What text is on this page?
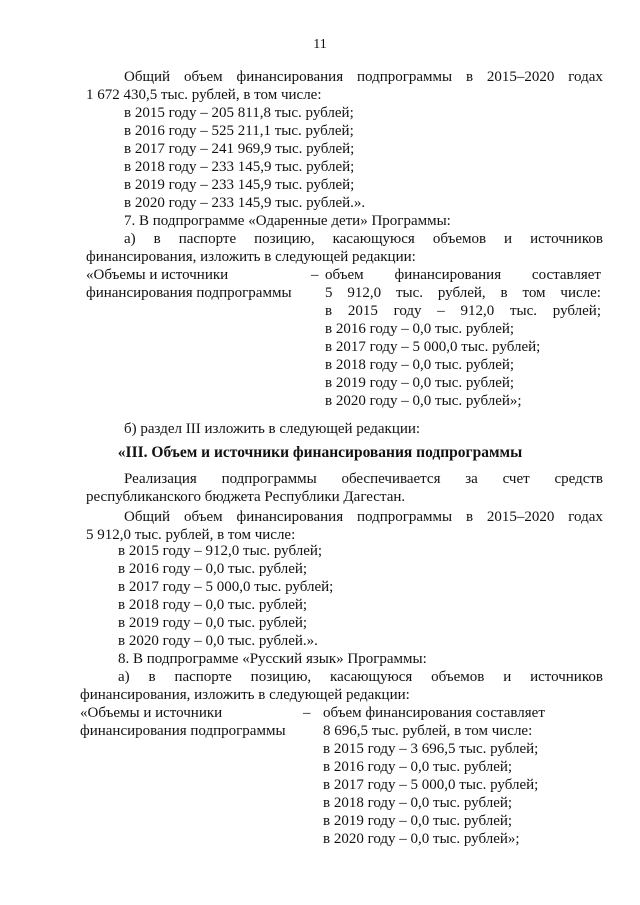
11
Общий объем финансирования подпрограммы в 2015–2020 годах
1 672 430,5 тыс. рублей, в том числе:
в 2015 году – 205 811,8 тыс. рублей;
в 2016 году – 525 211,1 тыс. рублей;
в 2017 году – 241 969,9 тыс. рублей;
в 2018 году – 233 145,9 тыс. рублей;
в 2019 году – 233 145,9 тыс. рублей;
в 2020 году – 233 145,9 тыс. рублей.».
7. В подпрограмме «Одаренные дети» Программы:
а) в паспорте позицию, касающуюся объемов и источников
финансирования, изложить в следующей редакции:
«Объемы и источники
финансирования подпрограммы
– объем финансирования составляет
5 912,0 тыс. рублей, в том числе:
в 2015 году – 912,0 тыс. рублей;
в 2016 году – 0,0 тыс. рублей;
в 2017 году – 5 000,0 тыс. рублей;
в 2018 году – 0,0 тыс. рублей;
в 2019 году – 0,0 тыс. рублей;
в 2020 году – 0,0 тыс. рублей»;
б) раздел III изложить в следующей редакции:
«III. Объем и источники финансирования подпрограммы
Реализация подпрограммы обеспечивается за счет средств
республиканского бюджета Республики Дагестан.
Общий объем финансирования подпрограммы в 2015–2020 годах
5 912,0 тыс. рублей, в том числе:
в 2015 году – 912,0 тыс. рублей;
в 2016 году – 0,0 тыс. рублей;
в 2017 году – 5 000,0 тыс. рублей;
в 2018 году – 0,0 тыс. рублей;
в 2019 году – 0,0 тыс. рублей;
в 2020 году – 0,0 тыс. рублей.».
8. В подпрограмме «Русский язык» Программы:
а) в паспорте позицию, касающуюся объемов и источников
финансирования, изложить в следующей редакции:
«Объемы и источники
финансирования подпрограммы
– объем финансирования составляет
8 696,5 тыс. рублей, в том числе:
в 2015 году – 3 696,5 тыс. рублей;
в 2016 году – 0,0 тыс. рублей;
в 2017 году – 5 000,0 тыс. рублей;
в 2018 году – 0,0 тыс. рублей;
в 2019 году – 0,0 тыс. рублей;
в 2020 году – 0,0 тыс. рублей»;
